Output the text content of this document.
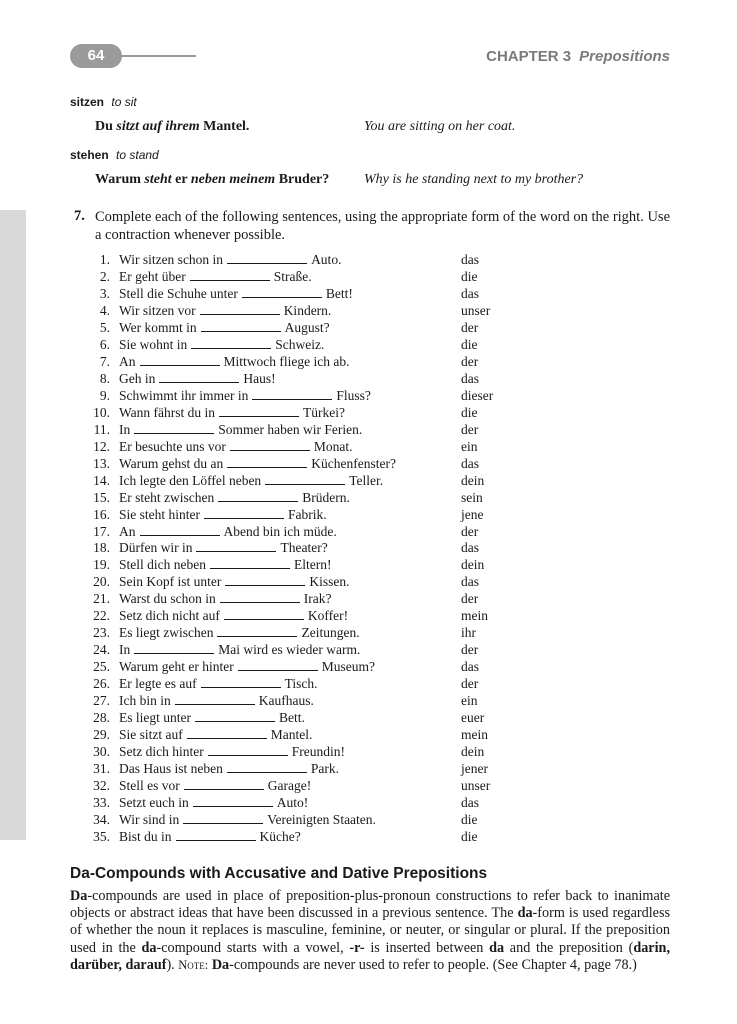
64	CHAPTER 3 Prepositions
sitzen to sit
Du sitzt auf ihrem Mantel.	You are sitting on her coat.
stehen to stand
Warum steht er neben meinem Bruder? Why is he standing next to my brother?
7. Complete each of the following sentences, using the appropriate form of the word on the right. Use a contraction whenever possible.
1. Wir sitzen schon in	Auto.	das
2. Er geht über	Straße.	die
3. Stell die Schuhe unter	Bett!	das
4. Wir sitzen vor	Kindern.	unser
5. Wer kommt in	August?	der
6. Sie wohnt in	Schweiz.	die
7. An	Mittwoch fliege ich ab.	der
8. Geh in	Haus!	das
9. Schwimmt ihr immer in	Fluss?	dieser
10. Wann fährst du in	Türkei?	die
11. In	Sommer haben wir Ferien.	der
12. Er besuchte uns vor	Monat.	ein
13. Warum gehst du an	Küchenfenster?	das
14. Ich legte den Löffel neben	Teller.	dein
15. Er steht zwischen	Brüdern.	sein
16. Sie steht hinter	Fabrik.	jene
17. An	Abend bin ich müde.	der
18. Dürfen wir in	Theater?	das
19. Stell dich neben	Eltern!	dein
20. Sein Kopf ist unter	Kissen.	das
21. Warst du schon in	Irak?	der
22. Setz dich nicht auf	Koffer!	mein
23. Es liegt zwischen	Zeitungen.	ihr
24. In	Mai wird es wieder warm.	der
25. Warum geht er hinter	Museum?	das
26. Er legte es auf	Tisch.	der
27. Ich bin in	Kaufhaus.	ein
28. Es liegt unter	Bett.	euer
29. Sie sitzt auf	Mantel.	mein
30. Setz dich hinter	Freundin!	dein
31. Das Haus ist neben	Park.	jener
32. Stell es vor	Garage!	unser
33. Setzt euch in	Auto!	das
34. Wir sind in	Vereinigten Staaten.	die
35. Bist du in	Küche?	die
Da-Compounds with Accusative and Dative Prepositions
Da-compounds are used in place of preposition-plus-pronoun constructions to refer back to inanimate objects or abstract ideas that have been discussed in a previous sentence. The da-form is used regardless of whether the noun it replaces is masculine, feminine, or neuter, or singular or plural. If the preposition used in the da-compound starts with a vowel, -r- is inserted between da and the preposition (darin, darüber, darauf). Note: Da-compounds are never used to refer to people. (See Chapter 4, page 78.)
